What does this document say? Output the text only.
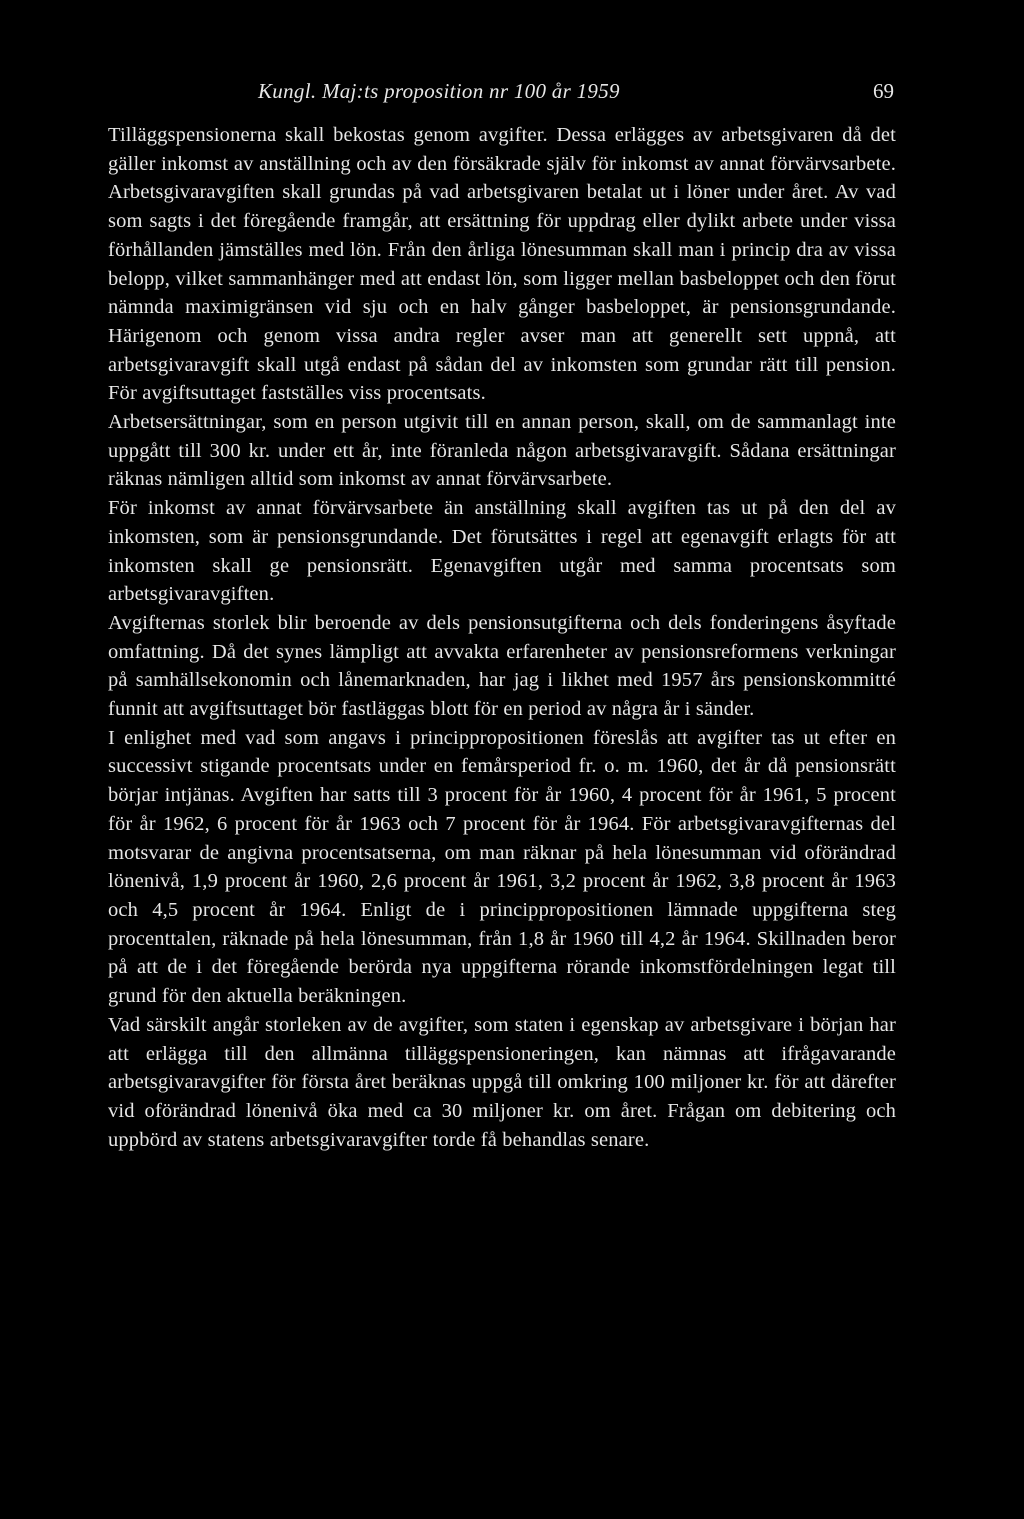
Kungl. Maj:ts proposition nr 100 år 1959	69

Tilläggspensionerna skall bekostas genom avgifter. Dessa erlägges av arbetsgivaren då det gäller inkomst av anställning och av den försäkrade själv för inkomst av annat förvärvsarbete. Arbetsgivaravgiften skall grundas på vad arbetsgivaren betalat ut i löner under året. Av vad som sagts i det föregående framgår, att ersättning för uppdrag eller dylikt arbete under vissa förhållanden jämställes med lön. Från den årliga lönesumman skall man i princip dra av vissa belopp, vilket sammanhänger med att endast lön, som ligger mellan basbeloppet och den förut nämnda maximigränsen vid sju och en halv gånger basbeloppet, är pensionsgrundande. Härigenom och genom vissa andra regler avser man att generellt sett uppnå, att arbetsgivaravgift skall utgå endast på sådan del av inkomsten som grundar rätt till pension. För avgiftsuttaget fastställes viss procentsats.

Arbetsersättningar, som en person utgivit till en annan person, skall, om de sammanlagt inte uppgått till 300 kr. under ett år, inte föranleda någon arbetsgivaravgift. Sådana ersättningar räknas nämligen alltid som inkomst av annat förvärvsarbete.

För inkomst av annat förvärvsarbete än anställning skall avgiften tas ut på den del av inkomsten, som är pensionsgrundande. Det förutsättes i regel att egenavgift erlagts för att inkomsten skall ge pensionsrätt. Egenavgiften utgår med samma procentsats som arbetsgivaravgiften.

Avgifternas storlek blir beroende av dels pensionsutgifterna och dels fonderingens åsyftade omfattning. Då det synes lämpligt att avvakta erfarenheter av pensionsreformens verkningar på samhällsekonomin och lånemarknaden, har jag i likhet med 1957 års pensionskommitté funnit att avgiftsuttaget bör fastläggas blott för en period av några år i sänder.

I enlighet med vad som angavs i princippropositionen föreslås att avgifter tas ut efter en successivt stigande procentsats under en femårsperiod fr. o. m. 1960, det år då pensionsrätt börjar intjänas. Avgiften har satts till 3 procent för år 1960, 4 procent för år 1961, 5 procent för år 1962, 6 procent för år 1963 och 7 procent för år 1964. För arbetsgivaravgifternas del motsvarar de angivna procentsatserna, om man räknar på hela lönesumman vid oförändrad lönenivå, 1,9 procent år 1960, 2,6 procent år 1961, 3,2 procent år 1962, 3,8 procent år 1963 och 4,5 procent år 1964. Enligt de i princippropositionen lämnade uppgifterna steg procenttalen, räknade på hela lönesumman, från 1,8 år 1960 till 4,2 år 1964. Skillnaden beror på att de i det föregående berörda nya uppgifterna rörande inkomstfördelningen legat till grund för den aktuella beräkningen.

Vad särskilt angår storleken av de avgifter, som staten i egenskap av arbetsgivare i början har att erlägga till den allmänna tilläggspensioneringen, kan nämnas att ifrågavarande arbetsgivaravgifter för första året beräknas uppgå till omkring 100 miljoner kr. för att därefter vid oförändrad lönenivå öka med ca 30 miljoner kr. om året. Frågan om debitering och uppbörd av statens arbetsgivaravgifter torde få behandlas senare.
